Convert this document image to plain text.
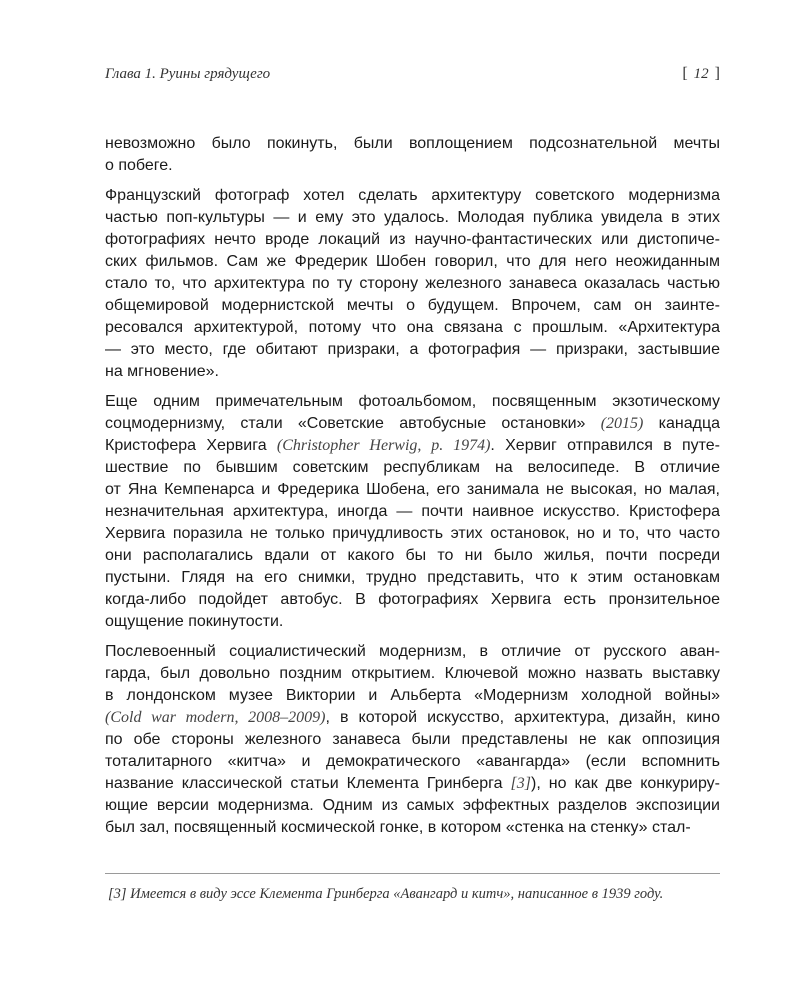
Глава 1. Руины грядущего	[ 12 ]
невозможно было покинуть, были воплощением подсознательной мечты
о побеге.
Французский фотограф хотел сделать архитектуру советского модернизма
частью поп-культуры — и ему это удалось. Молодая публика увидела в этих
фотографиях нечто вроде локаций из научно-фантастических или дистопиче-
ских фильмов. Сам же Фредерик Шобен говорил, что для него неожиданным
стало то, что архитектура по ту сторону железного занавеса оказалась частью
общемировой модернистской мечты о будущем. Впрочем, сам он заинте-
ресовался архитектурой, потому что она связана с прошлым. «Архитектура
— это место, где обитают призраки, а фотография — призраки, застывшие
на мгновение».
Еще одним примечательным фотоальбомом, посвященным экзотическому
соцмодернизму, стали «Советские автобусные остановки» (2015) канадца
Кристофера Хервига (Christopher Herwig, p. 1974). Хервиг отправился в путе-
шествие по бывшим советским республикам на велосипеде. В отличие
от Яна Кемпенарса и Фредерика Шобена, его занимала не высокая, но малая,
незначительная архитектура, иногда — почти наивное искусство. Кристофера
Хервига поразила не только причудливость этих остановок, но и то, что часто
они располагались вдали от какого бы то ни было жилья, почти посреди
пустыни. Глядя на его снимки, трудно представить, что к этим остановкам
когда-либо подойдет автобус. В фотографиях Хервига есть пронзительное
ощущение покинутости.
Послевоенный социалистический модернизм, в отличие от русского аван-
гарда, был довольно поздним открытием. Ключевой можно назвать выставку
в лондонском музее Виктории и Альберта «Модернизм холодной войны»
(Cold war modern, 2008–2009), в которой искусство, архитектура, дизайн, кино
по обе стороны железного занавеса были представлены не как оппозиция
тоталитарного «китча» и демократического «авангарда» (если вспомнить
название классической статьи Клемента Гринберга [3]), но как две конкуриру-
ющие версии модернизма. Одним из самых эффектных разделов экспозиции
был зал, посвященный космической гонке, в котором «стенка на стенку» стал-
[3] Имеется в виду эссе Клемента Гринберга «Авангард и китч», написанное в 1939 году.
